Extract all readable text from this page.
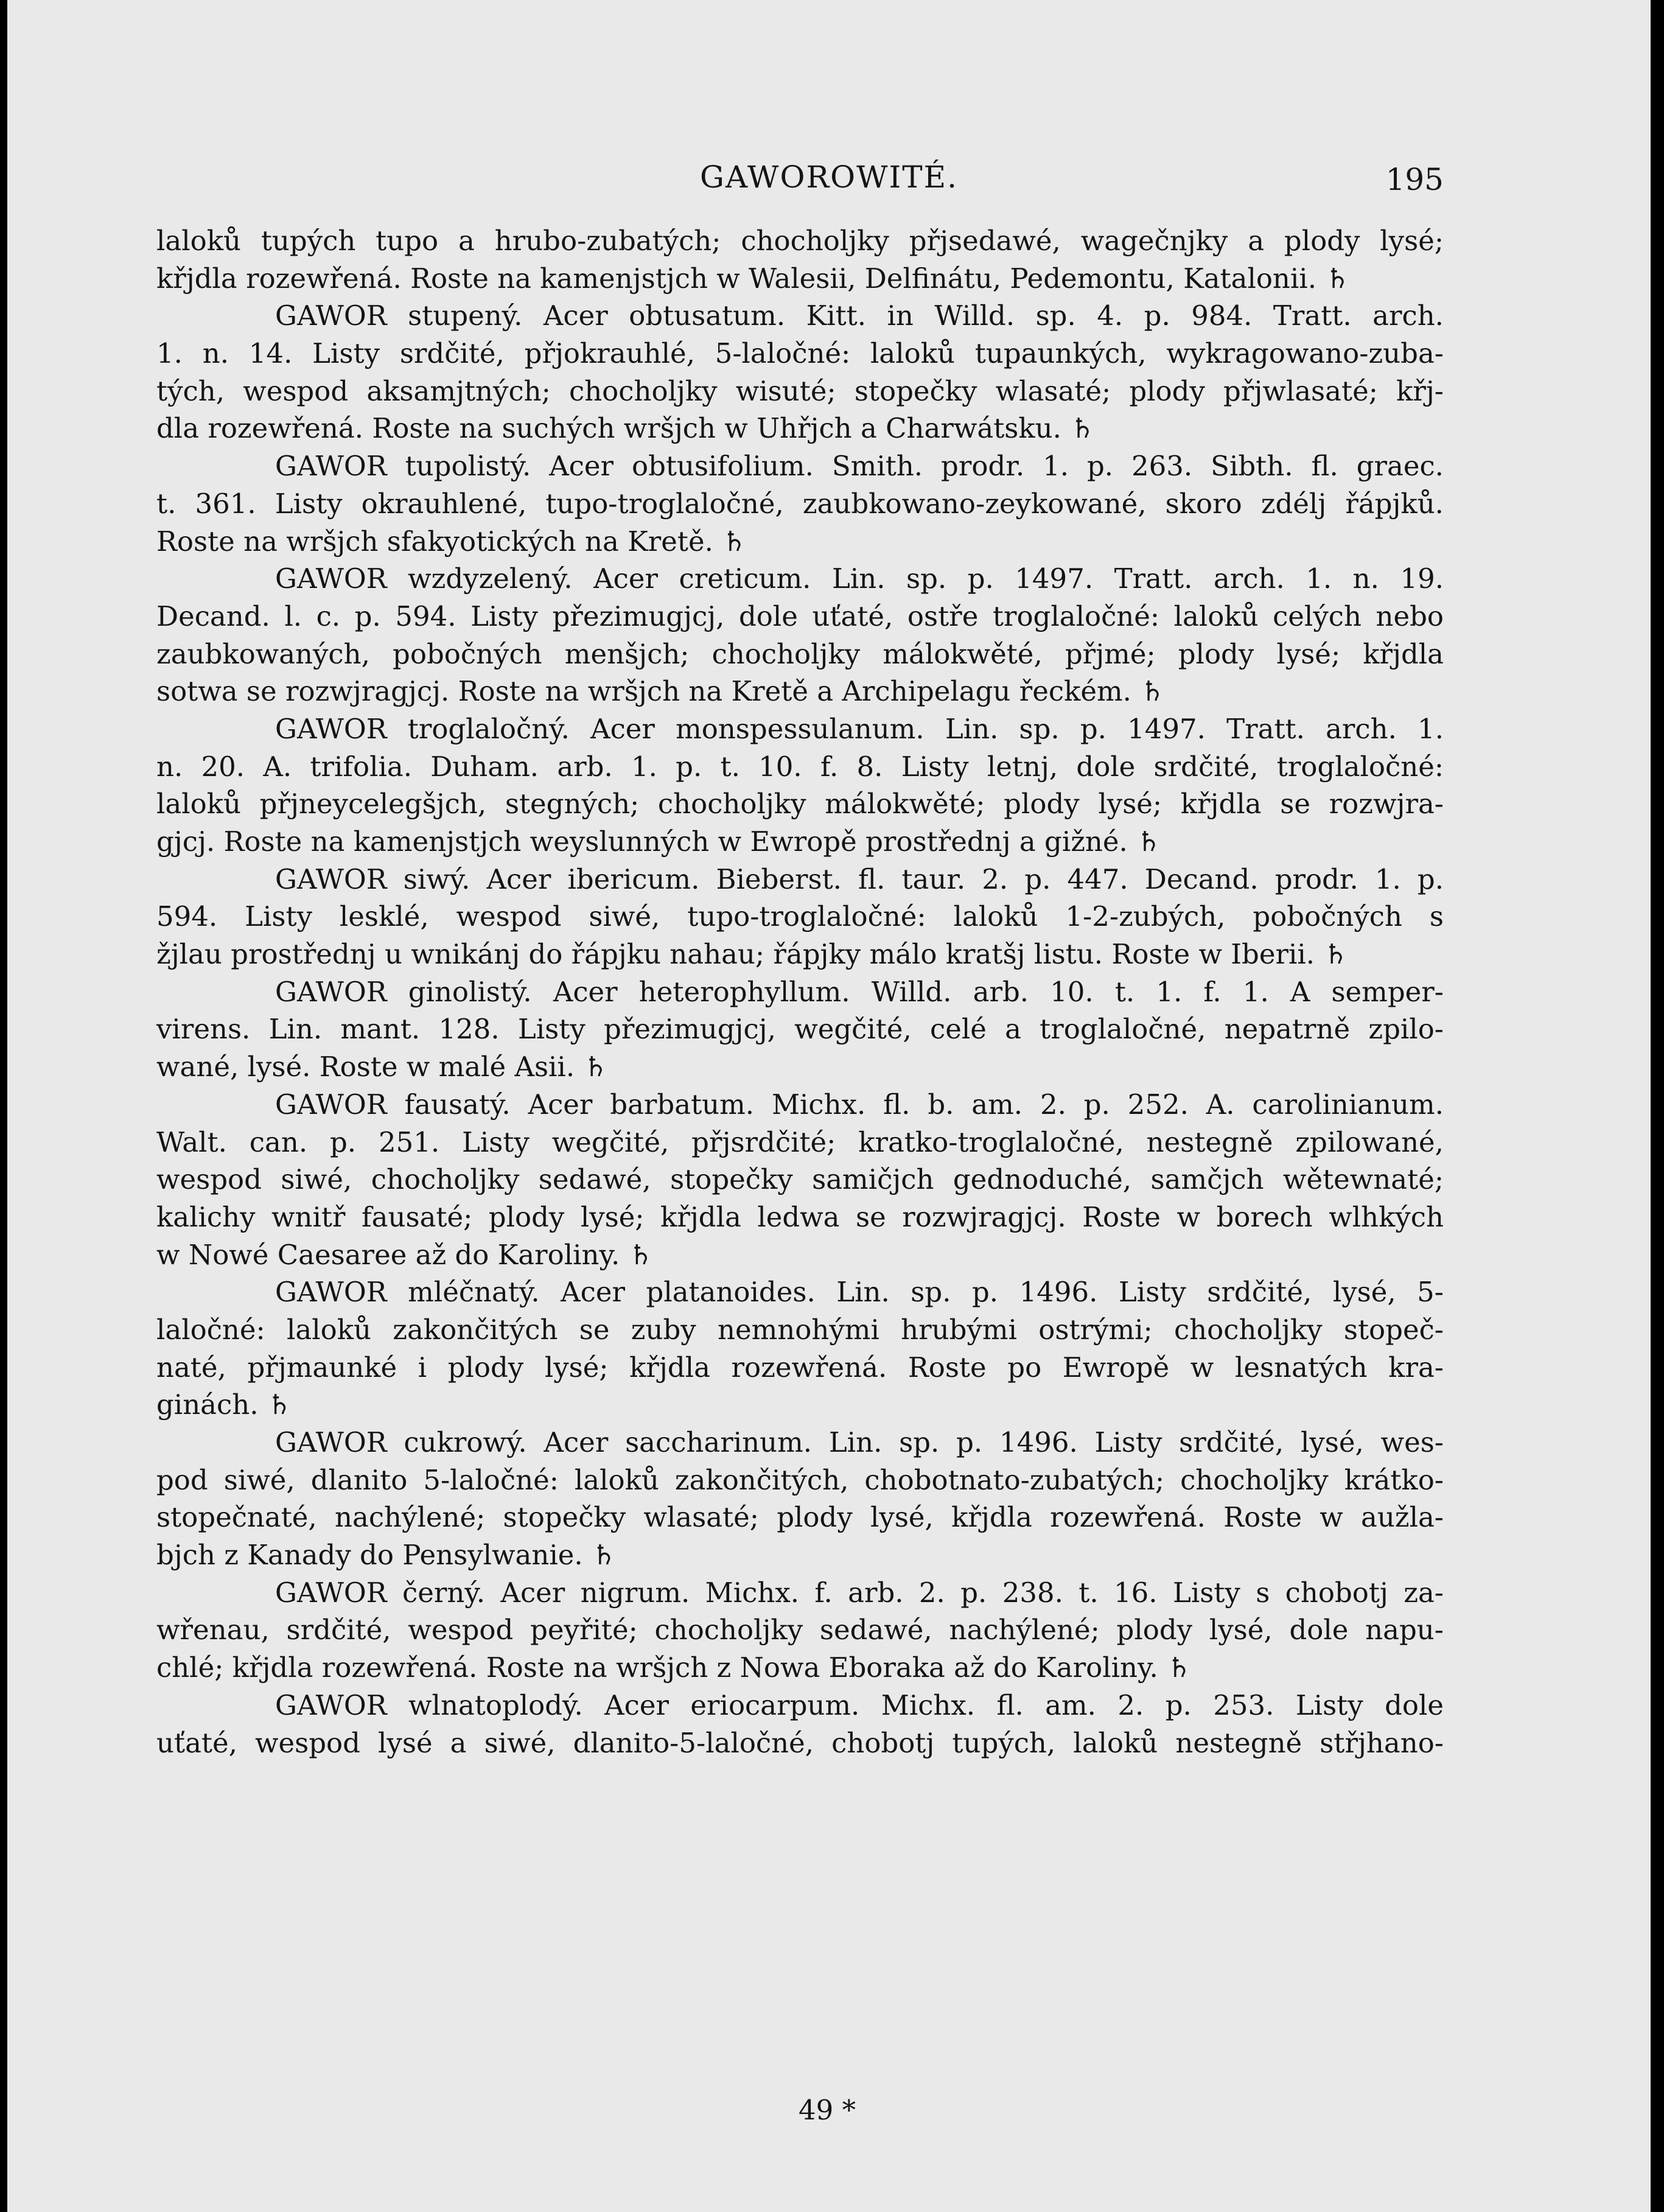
GAWOROWITÉ.	195
laloků tupých tupo a hrubo-zubatých; chocholjky přjsedawé, wagečnjky a plody lysé;
křjdla rozewřená. Roste na kamenjstjch w Walesii, Delfinátu, Pedemontu, Katalonii. ♄
GAWOR stupený. Acer obtusatum. Kitt. in Willd. sp. 4. p. 984. Tratt. arch.
1. n. 14. Listy srdčité, přjokrauhlé, 5-laločné: laloků tupaunkých, wykragowano-zuba-
tých, wespod aksamjtných; chocholjky wisuté; stopečky wlasaté; plody přjwlasaté; křj-
dla rozewřená. Roste na suchých wršjch w Uhřjch a Charwátsku. ♄
GAWOR tupolistý. Acer obtusifolium. Smith. prodr. 1. p. 263. Sibth. fl. graec.
t. 361. Listy okrauhlené, tupo-troglaločné, zaubkowano-zeykowané, skoro zdélj řápjků.
Roste na wršjch sfakyotických na Kretě. ♄
GAWOR wzdyzelený. Acer creticum. Lin. sp. p. 1497. Tratt. arch. 1. n. 19.
Decand. l. c. p. 594. Listy přezimugjcj, dole uťaté, ostře troglaločné: laloků celých nebo
zaubkowaných, pobočných menšjch; chocholjky málokwěté, přjmé; plody lysé; křjdla
sotwa se rozwjragjcj. Roste na wršjch na Kretě a Archipelagu řeckém. ♄
GAWOR troglaločný. Acer monspessulanum. Lin. sp. p. 1497. Tratt. arch. 1.
n. 20. A. trifolia. Duham. arb. 1. p. t. 10. f. 8. Listy letnj, dole srdčité, troglaločné:
laloků přjneycelegšjch, stegných; chocholjky málokwěté; plody lysé; křjdla se rozwjra-
gjcj. Roste na kamenjstjch weyslunných w Ewropě prostřednj a gižné. ♄
GAWOR siwý. Acer ibericum. Bieberst. fl. taur. 2. p. 447. Decand. prodr. 1. p.
594. Listy lesklé, wespod siwé, tupo-troglaločné: laloků 1-2-zubých, pobočných s
žjlau prostřednj u wnikánj do řápjku nahau; řápjky málo kratšj listu. Roste w Iberii. ♄
GAWOR ginolistý. Acer heterophyllum. Willd. arb. 10. t. 1. f. 1. A semper-
virens. Lin. mant. 128. Listy přezimugjcj, wegčité, celé a troglaločné, nepatrně zpilo-
wané, lysé. Roste w malé Asii. ♄
GAWOR fausatý. Acer barbatum. Michx. fl. b. am. 2. p. 252. A. carolinianum.
Walt. can. p. 251. Listy wegčité, přjsrdčité; kratko-troglaločné, nestegně zpilowané,
wespod siwé, chocholjky sedawé, stopečky samičjch gednoduché, samčjch wětewnaté;
kalichy wnitř fausaté; plody lysé; křjdla ledwa se rozwjragjcj. Roste w borech wlhkých
w Nowé Caesaree až do Karoliny. ♄
GAWOR mléčnatý. Acer platanoides. Lin. sp. p. 1496. Listy srdčité, lysé, 5-
laločné: laloků zakončitých se zuby nemnohými hrubými ostrými; chocholjky stopeč-
naté, přjmaunké i plody lysé; křjdla rozewřená. Roste po Ewropě w lesnatých kra-
ginách. ♄
GAWOR cukrowý. Acer saccharinum. Lin. sp. p. 1496. Listy srdčité, lysé, wes-
pod siwé, dlanito 5-laločné: laloků zakončitých, chobotnato-zubatých; chocholjky krátko-
stopečnaté, nachýlené; stopečky wlasaté; plody lysé, křjdla rozewřená. Roste w aužla-
bjch z Kanady do Pensylwanie. ♄
GAWOR černý. Acer nigrum. Michx. f. arb. 2. p. 238. t. 16. Listy s chobotj za-
wřenau, srdčité, wespod peyřité; chocholjky sedawé, nachýlené; plody lysé, dole napu-
chlé; křjdla rozewřená. Roste na wršjch z Nowa Eboraka až do Karoliny. ♄
GAWOR wlnatoplodý. Acer eriocarpum. Michx. fl. am. 2. p. 253. Listy dole
uťaté, wespod lysé a siwé, dlanito-5-laločné, chobotj tupých, laloků nestegně střjhano-
49 *
